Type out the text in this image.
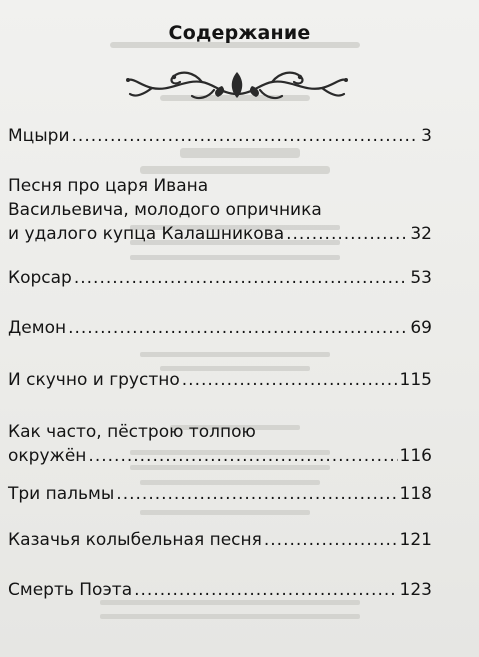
Содержание
Мцыри .....	3
Песня про царя Ивана
Васильевича, молодого опричника
и удалого купца Калашникова .....	32
Корсар .....	53
Демон .....	69
И скучно и грустно .....	115
Как часто, пёстрою толпою
окружён .....	116
Три пальмы .....	118
Казачья колыбельная песня .....	121
Смерть Поэта .....	123
